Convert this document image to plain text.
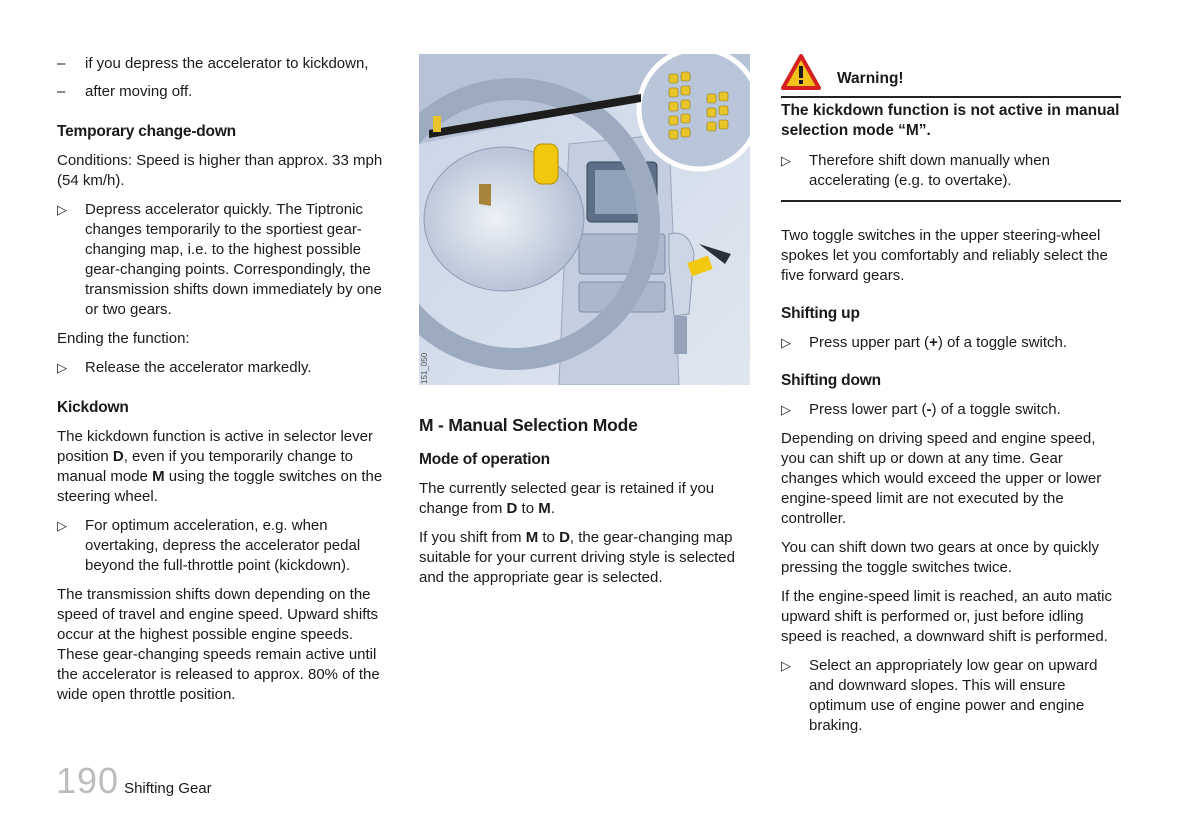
– if you depress the accelerator to kickdown,
– after moving off.
Temporary change-down

Conditions: Speed is higher than approx. 33 mph (54 km/h).

▷ Depress accelerator quickly. The Tiptronic changes temporarily to the sportiest gear-changing map, i.e. to the highest possible gear-changing points. Correspondingly, the transmission shifts down immediately by one or two gears.

Ending the function:

▷ Release the accelerator markedly.
Kickdown

The kickdown function is active in selector lever position D, even if you temporarily change to manual mode M using the toggle switches on the steering wheel.

▷ For optimum acceleration, e.g. when overtaking, depress the accelerator pedal beyond the full-throttle point (kickdown).

The transmission shifts down depending on the speed of travel and engine speed. Upward shifts occur at the highest possible engine speeds. These gear-changing speeds remain active until the accelerator is released to approx. 80% of the wide open throttle position.

151_050
M - Manual Selection Mode
Mode of operation

The currently selected gear is retained if you change from D to M.

If you shift from M to D, the gear-changing map suitable for your current driving style is selected and the appropriate gear is selected.

Warning!

The kickdown function is not active in manual selection mode “M”.

▷ Therefore shift down manually when accelerating (e.g. to overtake).

Two toggle switches in the upper steering-wheel spokes let you comfortably and reliably select the five forward gears.

Shifting up
▷ Press upper part (+) of a toggle switch.
Shifting down
▷ Press lower part (-) of a toggle switch.

Depending on driving speed and engine speed, you can shift up or down at any time. Gear changes which would exceed the upper or lower engine-speed limit are not executed by the controller.

You can shift down two gears at once by quickly pressing the toggle switches twice.

If the engine-speed limit is reached, an auto matic upward shift is performed or, just before idling speed is reached, a downward shift is performed.

▷ Select an appropriately low gear on upward and downward slopes. This will ensure optimum use of engine power and engine braking.
190 Shifting Gear
